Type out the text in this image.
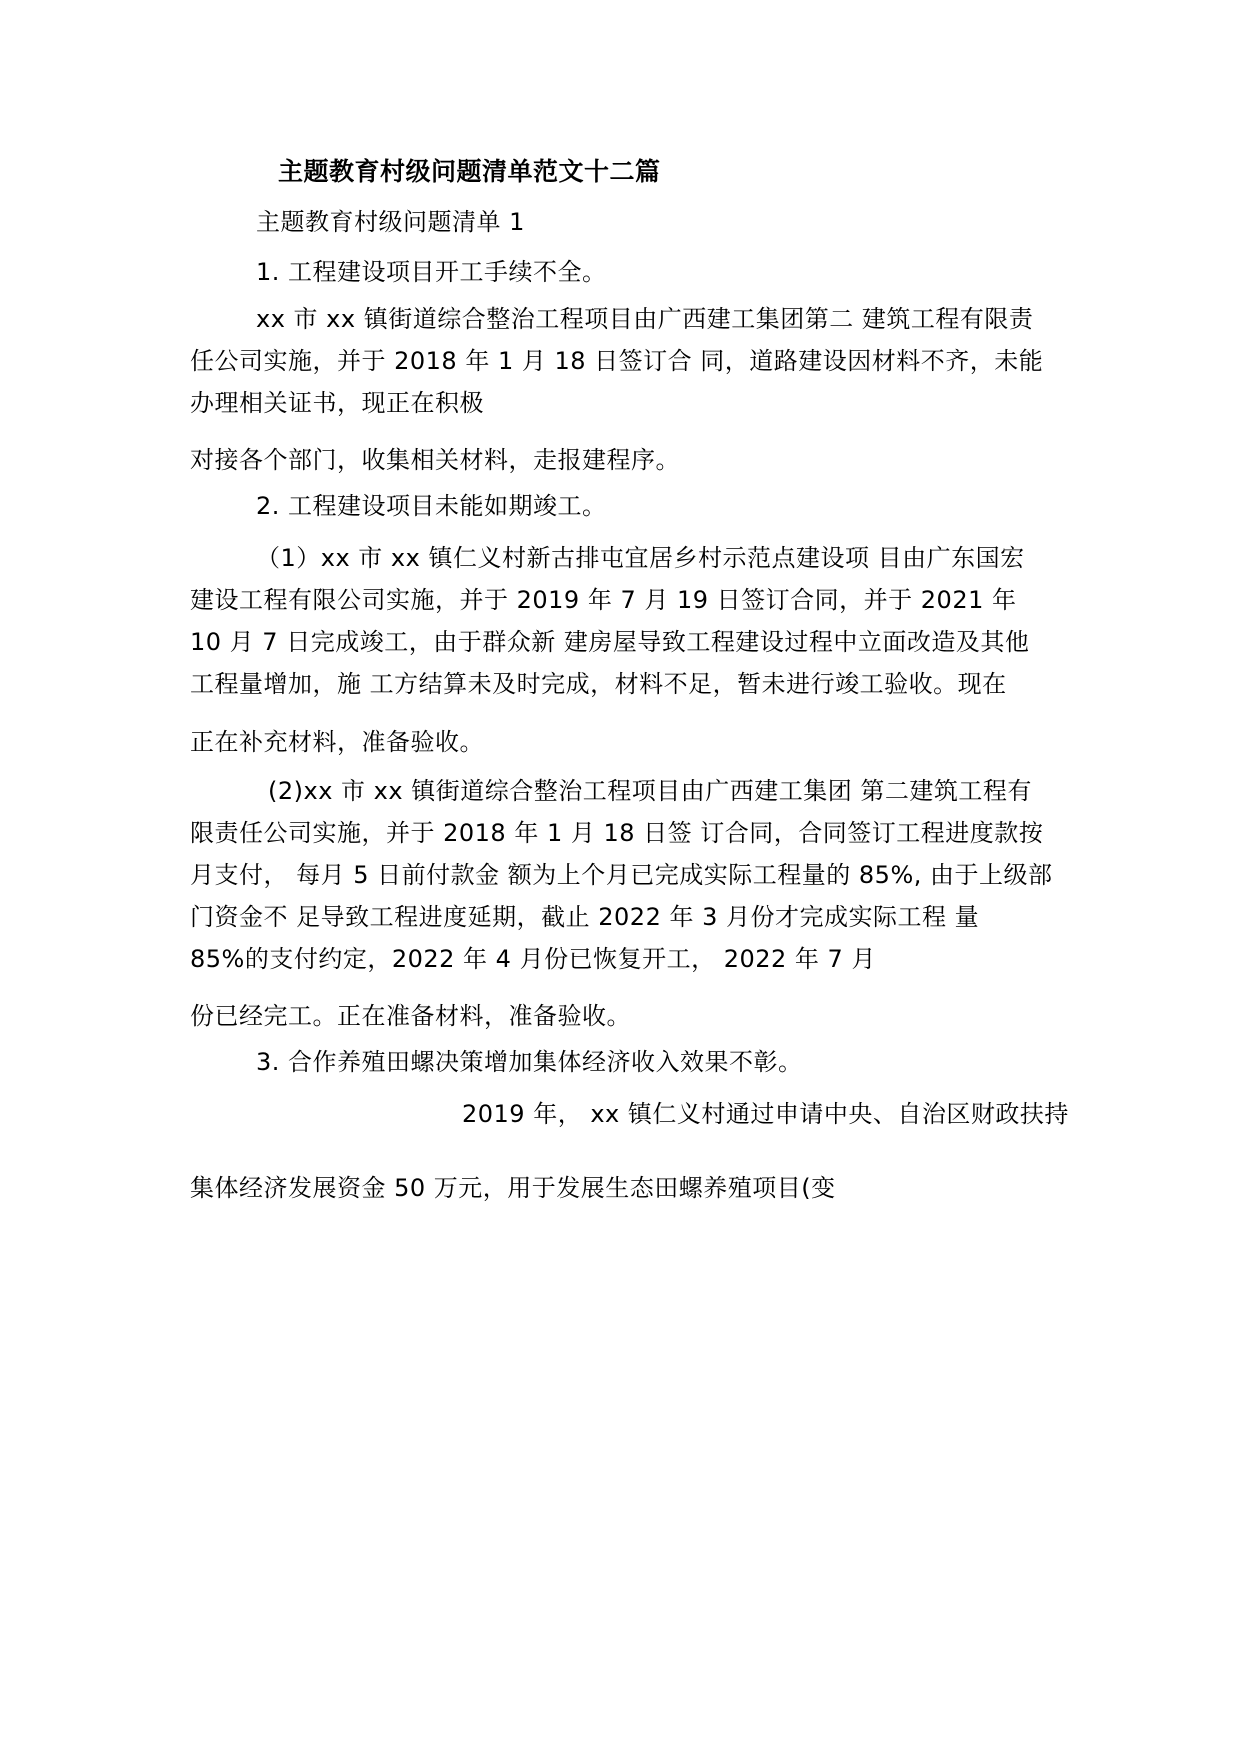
主题教育村级问题清单范文十二篇
主题教育村级问题清单 1
1. 工程建设项目开工手续不全。
xx 市 xx 镇街道综合整治工程项目由广西建工集团第二 建筑工程有限责
任公司实施，并于 2018 年 1 月 18 日签订合 同，道路建设因材料不齐，未能
办理相关证书，现正在积极
对接各个部门，收集相关材料，走报建程序。
2. 工程建设项目未能如期竣工。
（1）xx 市 xx 镇仁义村新古排屯宜居乡村示范点建设项 目由广东国宏
建设工程有限公司实施，并于 2019 年 7 月 19 日签订合同，并于 2021 年
10 月 7 日完成竣工，由于群众新 建房屋导致工程建设过程中立面改造及其他
工程量增加，施 工方结算未及时完成，材料不足，暂未进行竣工验收。现在
正在补充材料，准备验收。
(2)xx 市 xx 镇街道综合整治工程项目由广西建工集团 第二建筑工程有
限责任公司实施，并于 2018 年 1 月 18 日签 订合同，合同签订工程进度款按
月支付， 每月 5 日前付款金 额为上个月已完成实际工程量的 85%, 由于上级部
门资金不 足导致工程进度延期，截止 2022 年 3 月份才完成实际工程 量
85%的支付约定，2022 年 4 月份已恢复开工， 2022 年 7 月
份已经完工。正在准备材料，准备验收。
3. 合作养殖田螺决策增加集体经济收入效果不彰。
2019 年， xx 镇仁义村通过申请中央、自治区财政扶持
集体经济发展资金 50 万元，用于发展生态田螺养殖项目(变
